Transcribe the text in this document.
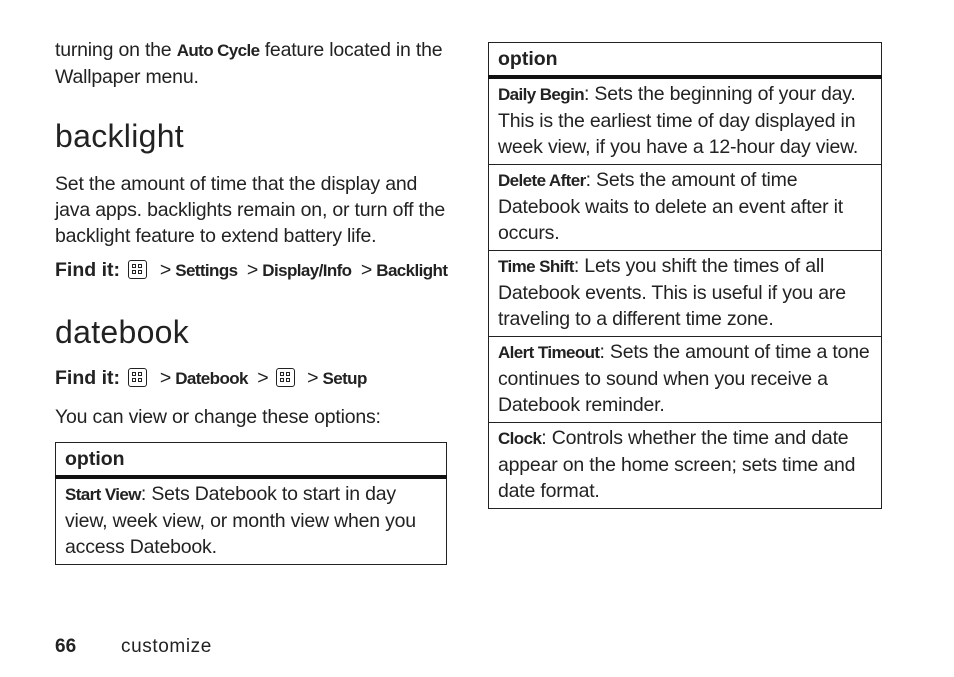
turning on the Auto Cycle feature located in the Wallpaper menu.

backlight

Set the amount of time that the display and java apps. backlights remain on, or turn off the backlight feature to extend battery life.

Find it: > Settings > Display/Info > Backlight
datebook
Find it: > Datebook > > Setup

You can view or change these options:

option
Start View: Sets Datebook to start in day view, week view, or month view when you access Datebook.
option
Daily Begin: Sets the beginning of your day. This is the earliest time of day displayed in week view, if you have a 12-hour day view.
Delete After: Sets the amount of time Datebook waits to delete an event after it occurs.
Time Shift: Lets you shift the times of all Datebook events. This is useful if you are traveling to a different time zone.
Alert Timeout: Sets the amount of time a tone continues to sound when you receive a Datebook reminder.
Clock: Controls whether the time and date appear on the home screen; sets time and date format.
66 customize
